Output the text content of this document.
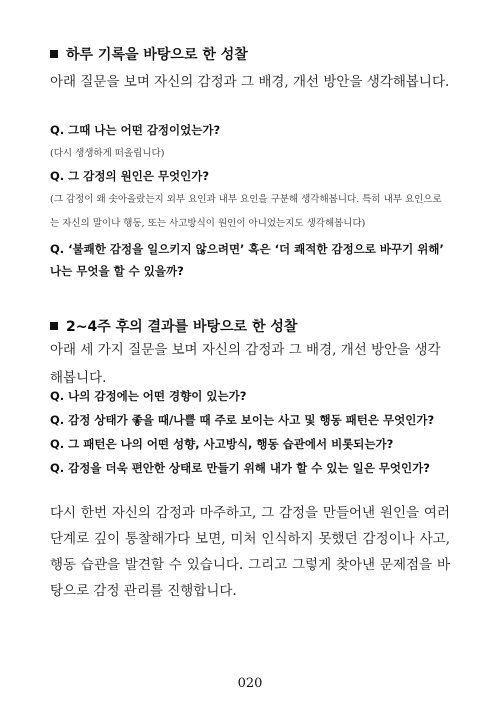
하루 기록을 바탕으로 한 성찰
아래 질문을 보며 자신의 감정과 그 배경, 개선 방안을 생각해봅니다.
Q. 그때 나는 어떤 감정이었는가?
(다시 생생하게 떠올립니다)
Q. 그 감정의 원인은 무엇인가?
(그 감정이 왜 솟아올랐는지 외부 요인과 내부 요인을 구분해 생각해봅니다. 특히 내부 요인으로는 자신의 말이나 행동, 또는 사고방식이 원인이 아니었는지도 생각해봅니다)
Q. ‘불쾌한 감정을 일으키지 않으려면’ 혹은 ‘더 쾌적한 감정으로 바꾸기 위해’ 나는 무엇을 할 수 있을까?
2~4주 후의 결과를 바탕으로 한 성찰
아래 세 가지 질문을 보며 자신의 감정과 그 배경, 개선 방안을 생각해봅니다.
Q. 나의 감정에는 어떤 경향이 있는가?
Q. 감정 상태가 좋을 때/나쁠 때 주로 보이는 사고 및 행동 패턴은 무엇인가?
Q. 그 패턴은 나의 어떤 성향, 사고방식, 행동 습관에서 비롯되는가?
Q. 감정을 더욱 편안한 상태로 만들기 위해 내가 할 수 있는 일은 무엇인가?
다시 한번 자신의 감정과 마주하고, 그 감정을 만들어낸 원인을 여러 단계로 깊이 통찰해가다 보면, 미처 인식하지 못했던 감정이나 사고, 행동 습관을 발견할 수 있습니다. 그리고 그렇게 찾아낸 문제점을 바탕으로 감정 관리를 진행합니다.
020
